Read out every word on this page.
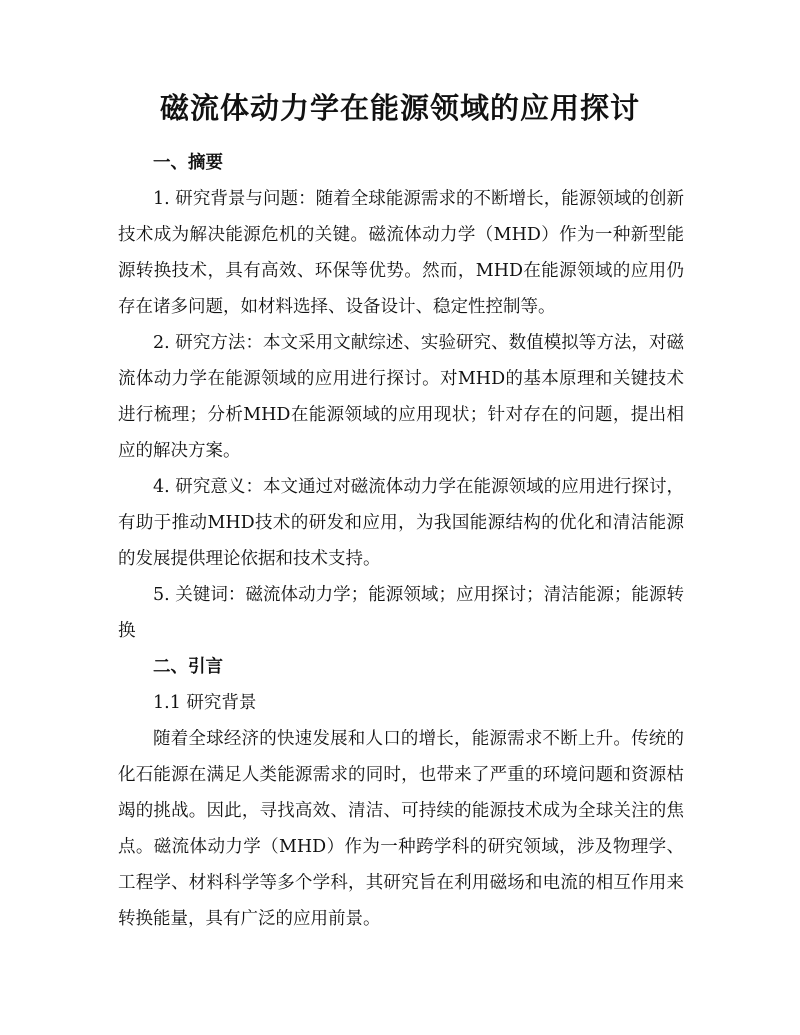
磁流体动力学在能源领域的应用探讨

一、摘要

1. 研究背景与问题：随着全球能源需求的不断增长，能源领域的创新技术成为解决能源危机的关键。磁流体动力学（MHD）作为一种新型能源转换技术，具有高效、环保等优势。然而，MHD在能源领域的应用仍存在诸多问题，如材料选择、设备设计、稳定性控制等。

2. 研究方法：本文采用文献综述、实验研究、数值模拟等方法，对磁流体动力学在能源领域的应用进行探讨。对MHD的基本原理和关键技术进行梳理；分析MHD在能源领域的应用现状；针对存在的问题，提出相应的解决方案。

4. 研究意义：本文通过对磁流体动力学在能源领域的应用进行探讨，有助于推动MHD技术的研发和应用，为我国能源结构的优化和清洁能源的发展提供理论依据和技术支持。

5. 关键词：磁流体动力学；能源领域；应用探讨；清洁能源；能源转换

二、引言

1.1 研究背景

随着全球经济的快速发展和人口的增长，能源需求不断上升。传统的化石能源在满足人类能源需求的同时，也带来了严重的环境问题和资源枯竭的挑战。因此，寻找高效、清洁、可持续的能源技术成为全球关注的焦点。磁流体动力学（MHD）作为一种跨学科的研究领域，涉及物理学、工程学、材料科学等多个学科，其研究旨在利用磁场和电流的相互作用来转换能量，具有广泛的应用前景。
